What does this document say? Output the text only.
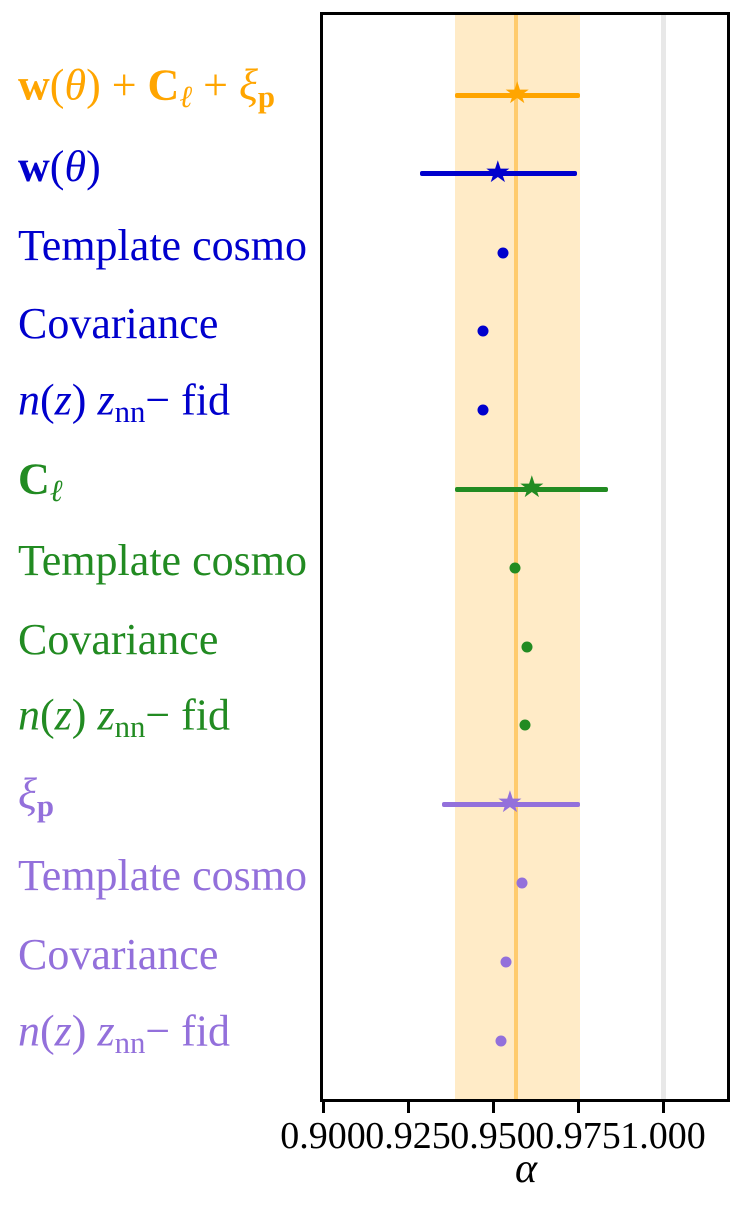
w(θ) + Cℓ + ξp
w(θ)
Template cosmo
Covariance
n(z) znn− fid
Cℓ
Template cosmo
Covariance
n(z) znn− fid
ξp
Template cosmo
Covariance
n(z) znn− fid
★
★
★
★
0.900 0.925 0.950 0.975 1.000
α
